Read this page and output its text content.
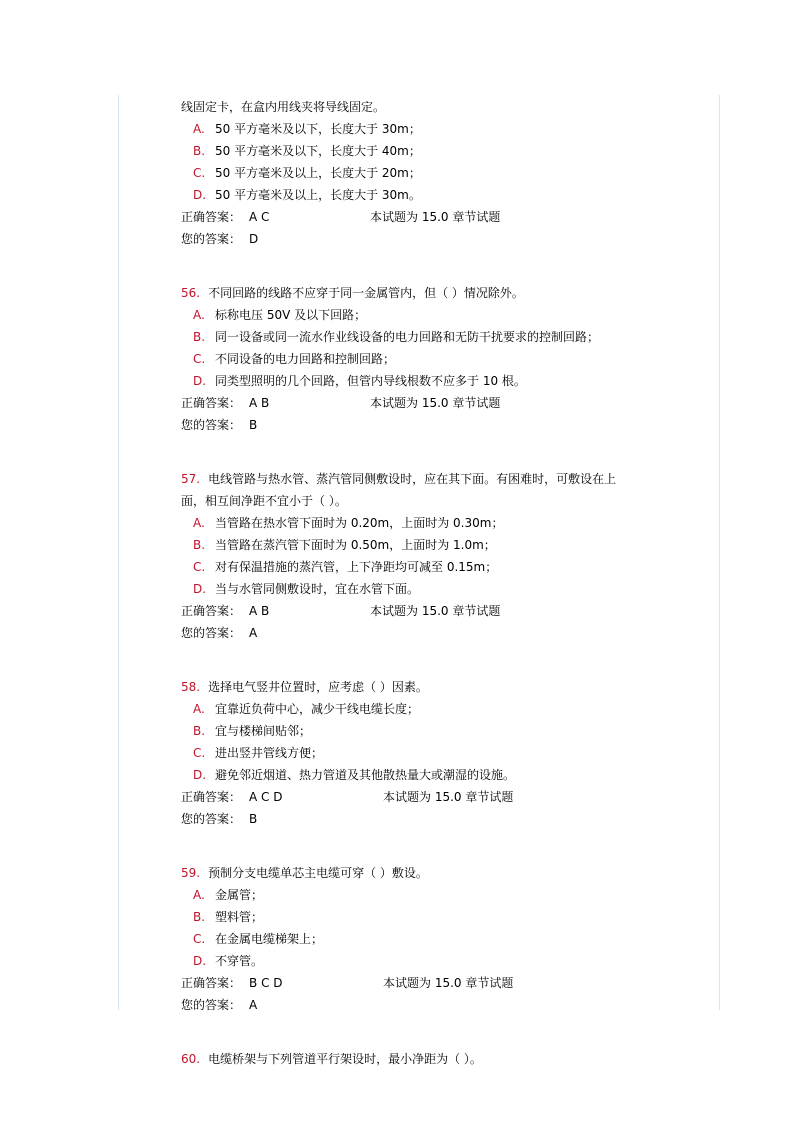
线固定卡，在盒内用线夹将导线固定。
A. 50 平方毫米及以下，长度大于 30m；
B. 50 平方毫米及以下，长度大于 40m；
C. 50 平方毫米及以上，长度大于 20m；
D. 50 平方毫米及以上，长度大于 30m。
正确答案： A C	本试题为 15.0 章节试题
您的答案： D
56. 不同回路的线路不应穿于同一金属管内，但（ ）情况除外。
A. 标称电压 50V 及以下回路；
B. 同一设备或同一流水作业线设备的电力回路和无防干扰要求的控制回路；
C. 不同设备的电力回路和控制回路；
D. 同类型照明的几个回路，但管内导线根数不应多于 10 根。
正确答案： A B	本试题为 15.0 章节试题
您的答案： B
57. 电线管路与热水管、蒸汽管同侧敷设时，应在其下面。有困难时，可敷设在上
面，相互间净距不宜小于（ ）。
A. 当管路在热水管下面时为 0.20m，上面时为 0.30m；
B. 当管路在蒸汽管下面时为 0.50m，上面时为 1.0m；
C. 对有保温措施的蒸汽管，上下净距均可减至 0.15m；
D. 当与水管同侧敷设时，宜在水管下面。
正确答案： A B	本试题为 15.0 章节试题
您的答案： A
58. 选择电气竖井位置时，应考虑（ ）因素。
A. 宜靠近负荷中心，减少干线电缆长度；
B. 宜与楼梯间贴邻；
C. 进出竖井管线方便；
D. 避免邻近烟道、热力管道及其他散热量大或潮湿的设施。
正确答案： A C D	本试题为 15.0 章节试题
您的答案： B
59. 预制分支电缆单芯主电缆可穿（ ）敷设。
A. 金属管；
B. 塑料管；
C. 在金属电缆梯架上；
D. 不穿管。
正确答案： B C D	本试题为 15.0 章节试题
您的答案： A
60. 电缆桥架与下列管道平行架设时，最小净距为（ ）。
